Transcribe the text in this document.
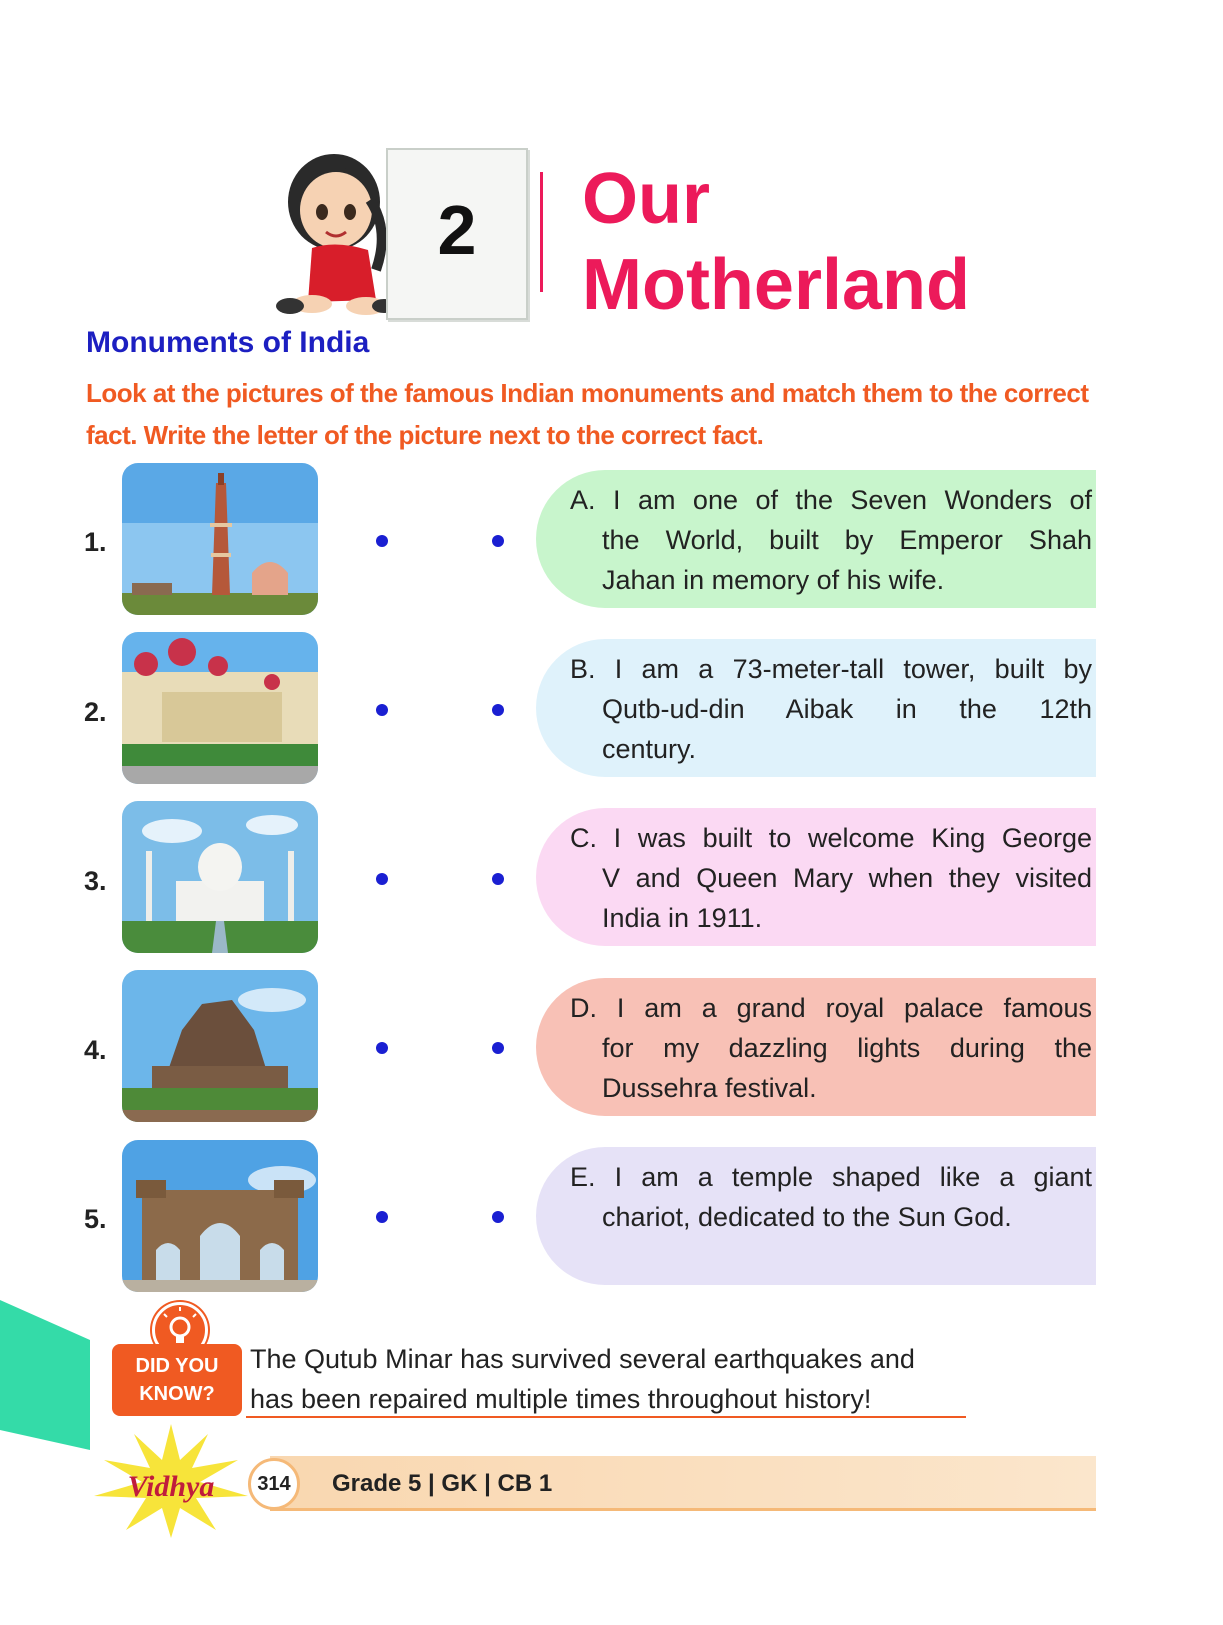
2	Our
Motherland
Monuments of India
Look at the pictures of the famous Indian monuments and match them to the correct fact. Write the letter of the picture next to the correct fact.
1.
2.
3.
4.
5.
A. I am one of the Seven Wonders of
the World, built by Emperor Shah
Jahan in memory of his wife.
B. I am a 73-meter-tall tower, built by
Qutb-ud-din Aibak in the 12th
century.
C. I was built to welcome King George
V and Queen Mary when they visited
India in 1911.
D. I am a grand royal palace famous
for my dazzling lights during the
Dussehra festival.
E. I am a temple shaped like a giant
chariot, dedicated to the Sun God.
DID YOU
KNOW?
The Qutub Minar has survived several earthquakes and
has been repaired multiple times throughout history!
Vidhya	314	Grade 5 | GK | CB 1
